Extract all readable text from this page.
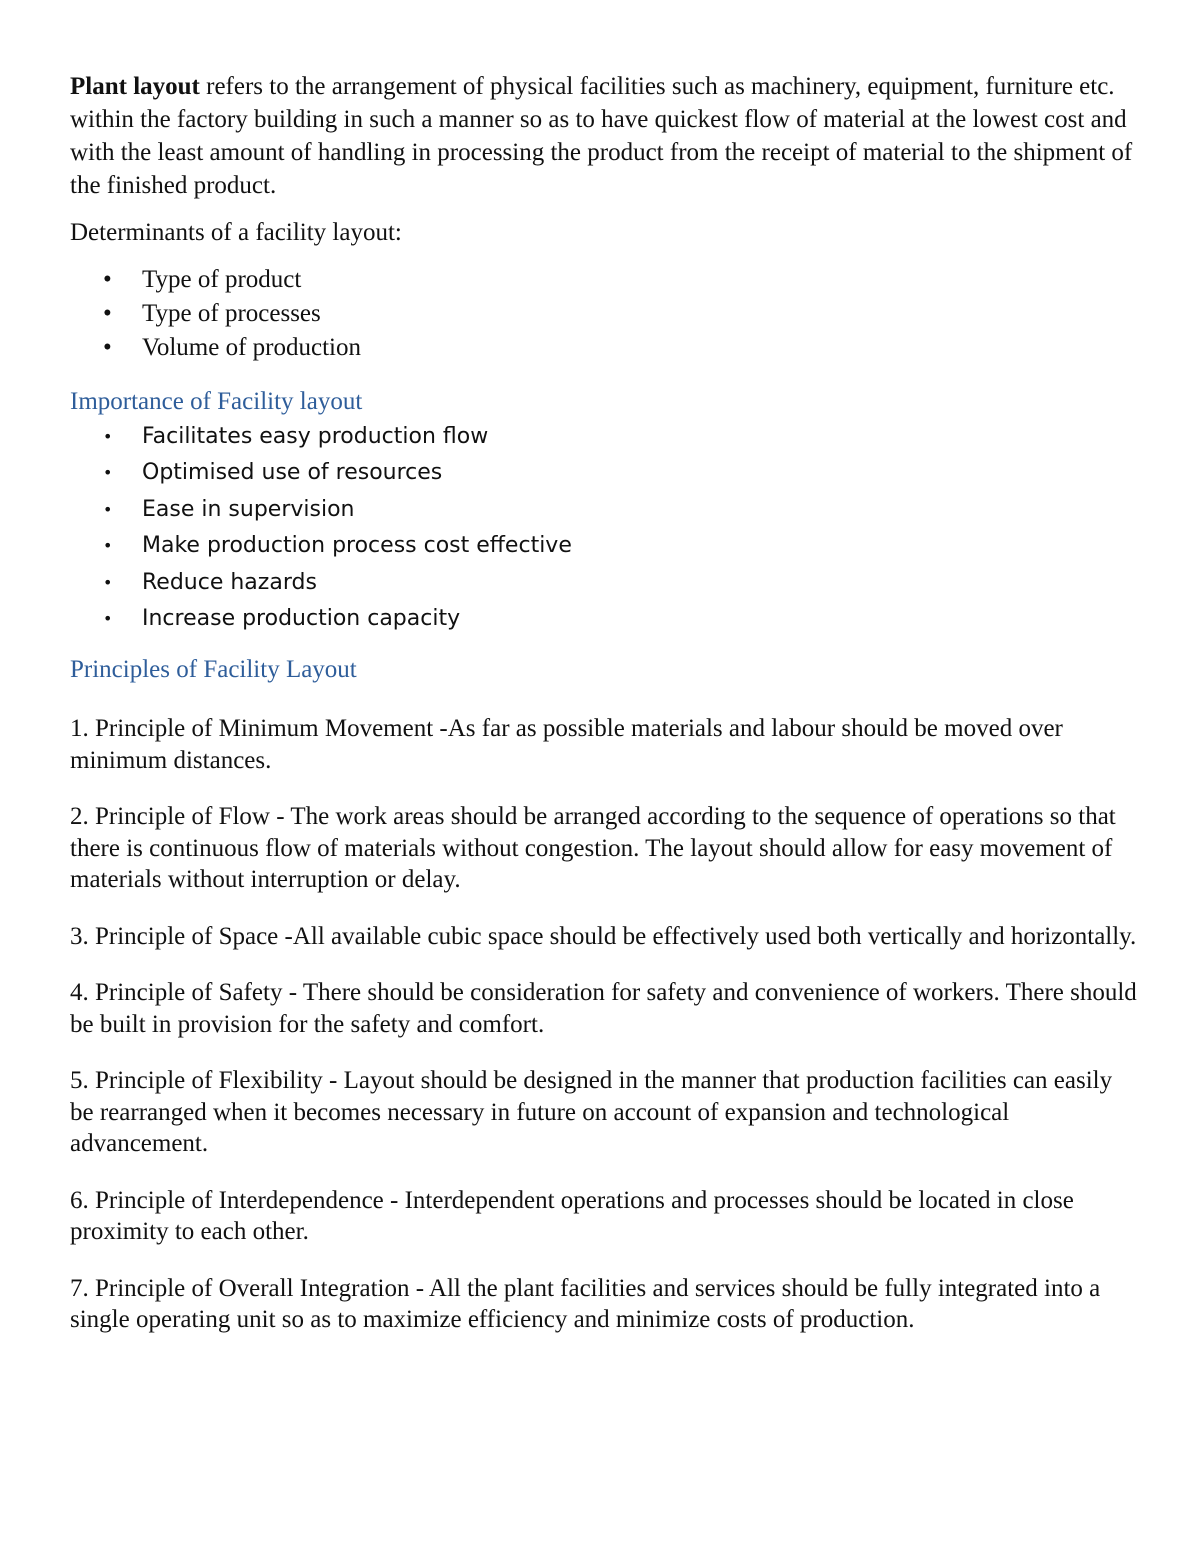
Plant layout refers to the arrangement of physical facilities such as machinery, equipment, furniture etc. within the factory building in such a manner so as to have quickest flow of material at the lowest cost and with the least amount of handling in processing the product from the receipt of material to the shipment of the finished product.

Determinants of a facility layout:

• Type of product
• Type of processes
• Volume of production

Importance of Facility layout

• Facilitates easy production flow
• Optimised use of resources
• Ease in supervision
• Make production process cost effective
• Reduce hazards
• Increase production capacity

Principles of Facility Layout

1. Principle of Minimum Movement -As far as possible materials and labour should be moved over minimum distances.

2. Principle of Flow - The work areas should be arranged according to the sequence of operations so that there is continuous flow of materials without congestion. The layout should allow for easy movement of materials without interruption or delay.

3. Principle of Space -All available cubic space should be effectively used both vertically and horizontally.

4. Principle of Safety - There should be consideration for safety and convenience of workers. There should be built in provision for the safety and comfort.

5. Principle of Flexibility - Layout should be designed in the manner that production facilities can easily be rearranged when it becomes necessary in future on account of expansion and technological advancement.

6. Principle of Interdependence - Interdependent operations and processes should be located in close proximity to each other.

7. Principle of Overall Integration - All the plant facilities and services should be fully integrated into a single operating unit so as to maximize efficiency and minimize costs of production.
